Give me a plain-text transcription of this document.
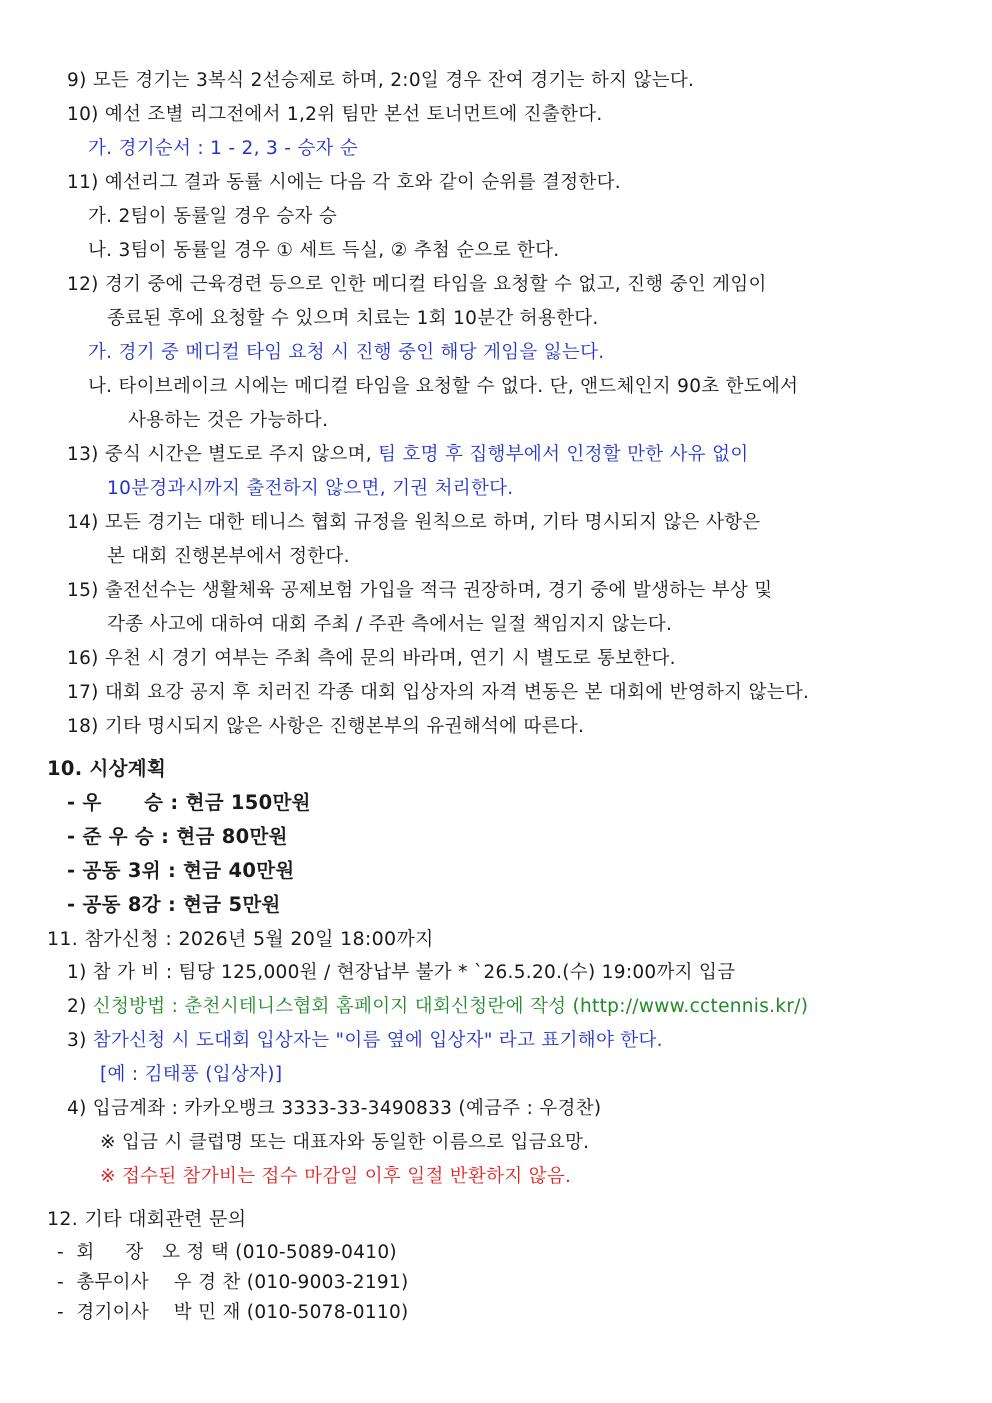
9) 모든 경기는 3복식 2선승제로 하며, 2:0일 경우 잔여 경기는 하지 않는다.
10) 예선 조별 리그전에서 1,2위 팀만 본선 토너먼트에 진출한다.
가. 경기순서 : 1 - 2, 3 - 승자 순
11) 예선리그 결과 동률 시에는 다음 각 호와 같이 순위를 결정한다.
가. 2팀이 동률일 경우 승자 승
나. 3팀이 동률일 경우 ① 세트 득실, ② 추첨 순으로 한다.
12) 경기 중에 근육경련 등으로 인한 메디컬 타임을 요청할 수 없고, 진행 중인 게임이
종료된 후에 요청할 수 있으며 치료는 1회 10분간 허용한다.
가. 경기 중 메디컬 타임 요청 시 진행 중인 해당 게임을 잃는다.
나. 타이브레이크 시에는 메디컬 타임을 요청할 수 없다. 단, 앤드체인지 90초 한도에서
사용하는 것은 가능하다.
13) 중식 시간은 별도로 주지 않으며, 팀 호명 후 집행부에서 인정할 만한 사유 없이
10분경과시까지 출전하지 않으면, 기권 처리한다.
14) 모든 경기는 대한 테니스 협회 규정을 원칙으로 하며, 기타 명시되지 않은 사항은
본 대회 진행본부에서 정한다.
15) 출전선수는 생활체육 공제보험 가입을 적극 권장하며, 경기 중에 발생하는 부상 및
각종 사고에 대하여 대회 주최 / 주관 측에서는 일절 책임지지 않는다.
16) 우천 시 경기 여부는 주최 측에 문의 바라며, 연기 시 별도로 통보한다.
17) 대회 요강 공지 후 치러진 각종 대회 입상자의 자격 변동은 본 대회에 반영하지 않는다.
18) 기타 명시되지 않은 사항은 진행본부의 유권해석에 따른다.
10. 시상계획
- 우      승 : 현금 150만원
- 준 우 승 : 현금 80만원
- 공동 3위 : 현금 40만원
- 공동 8강 : 현금 5만원
11. 참가신청 : 2026년 5월 20일 18:00까지
1) 참 가 비 : 팀당 125,000원 / 현장납부 불가 * `26.5.20.(수) 19:00까지 입금
2) 신청방법 : 춘천시테니스협회 홈페이지 대회신청란에 작성 (http://www.cctennis.kr/)
3) 참가신청 시 도대회 입상자는 "이름 옆에 입상자" 라고 표기해야 한다.
[예 : 김태풍 (입상자)]
4) 입금계좌 : 카카오뱅크 3333-33-3490833 (예금주 : 우경찬)
※ 입금 시 클럽명 또는 대표자와 동일한 이름으로 입금요망.
※ 접수된 참가비는 접수 마감일 이후 일절 반환하지 않음.
12. 기타 대회관련 문의
-  회     장   오 정 택 (010-5089-0410)
-  총무이사    우 경 찬 (010-9003-2191)
-  경기이사    박 민 재 (010-5078-0110)
